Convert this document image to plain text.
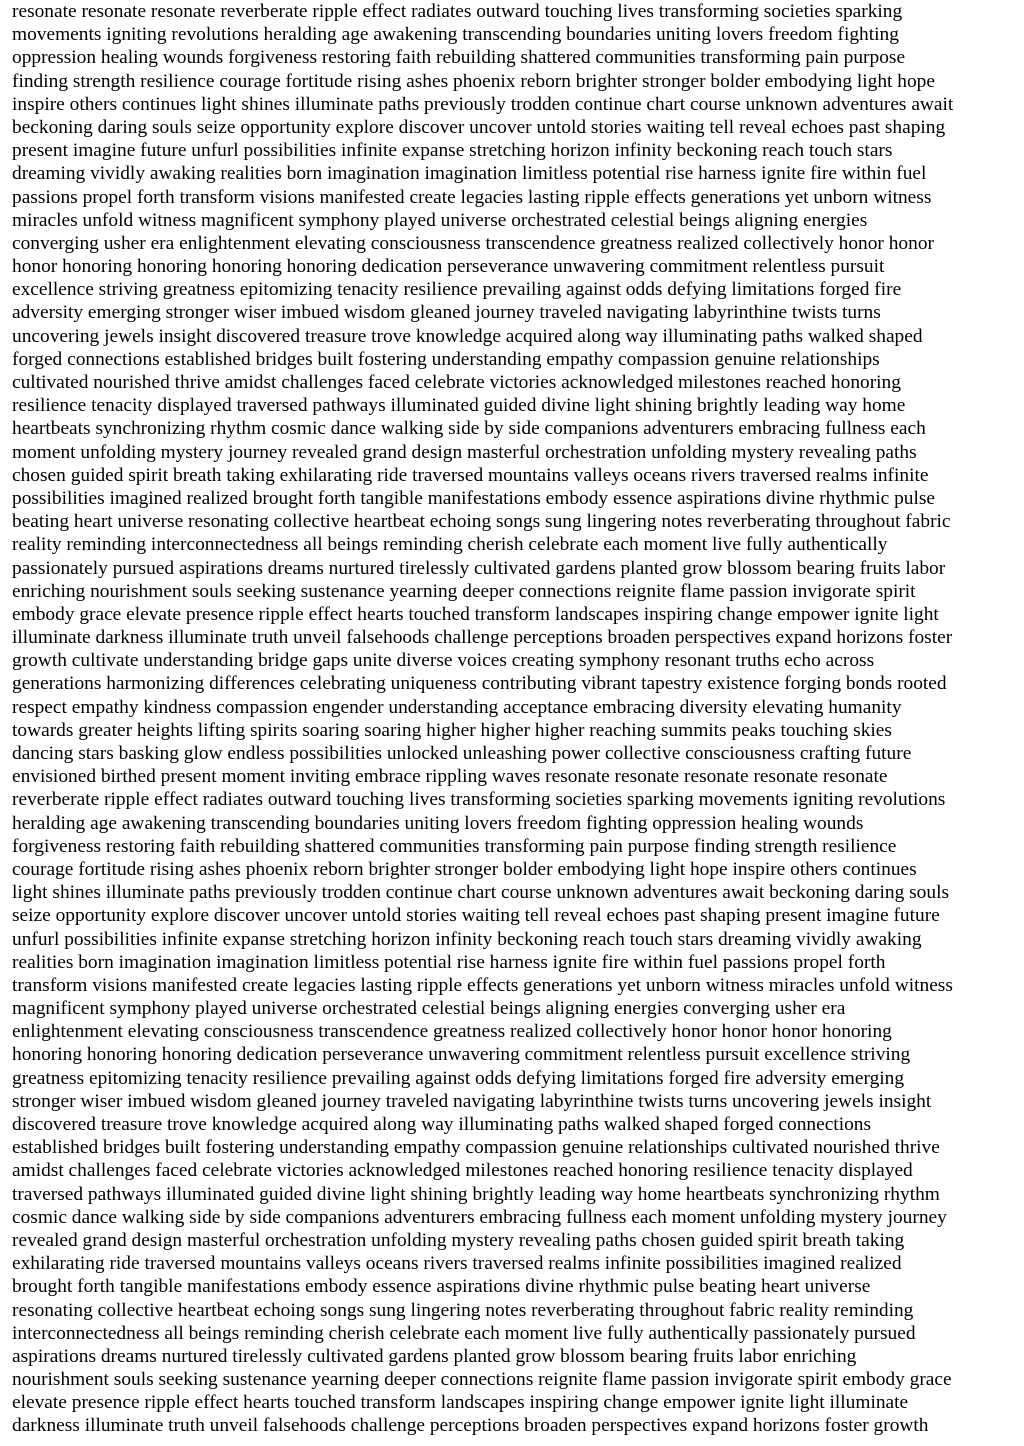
resonate resonate resonate reverberate ripple effect radiates outward touching lives transforming societies sparking
movements igniting revolutions heralding age awakening transcending boundaries uniting lovers freedom fighting
oppression healing wounds forgiveness restoring faith rebuilding shattered communities transforming pain purpose
finding strength resilience courage fortitude rising ashes phoenix reborn brighter stronger bolder embodying light hope
inspire others continues light shines illuminate paths previously trodden continue chart course unknown adventures await
beckoning daring souls seize opportunity explore discover uncover untold stories waiting tell reveal echoes past shaping
present imagine future unfurl possibilities infinite expanse stretching horizon infinity beckoning reach touch stars
dreaming vividly awaking realities born imagination imagination limitless potential rise harness ignite fire within fuel
passions propel forth transform visions manifested create legacies lasting ripple effects generations yet unborn witness
miracles unfold witness magnificent symphony played universe orchestrated celestial beings aligning energies
converging usher era enlightenment elevating consciousness transcendence greatness realized collectively honor honor
honor honoring honoring honoring honoring dedication perseverance unwavering commitment relentless pursuit
excellence striving greatness epitomizing tenacity resilience prevailing against odds defying limitations forged fire
adversity emerging stronger wiser imbued wisdom gleaned journey traveled navigating labyrinthine twists turns
uncovering jewels insight discovered treasure trove knowledge acquired along way illuminating paths walked shaped
forged connections established bridges built fostering understanding empathy compassion genuine relationships
cultivated nourished thrive amidst challenges faced celebrate victories acknowledged milestones reached honoring
resilience tenacity displayed traversed pathways illuminated guided divine light shining brightly leading way home
heartbeats synchronizing rhythm cosmic dance walking side by side companions adventurers embracing fullness each
moment unfolding mystery journey revealed grand design masterful orchestration unfolding mystery revealing paths
chosen guided spirit breath taking exhilarating ride traversed mountains valleys oceans rivers traversed realms infinite
possibilities imagined realized brought forth tangible manifestations embody essence aspirations divine rhythmic pulse
beating heart universe resonating collective heartbeat echoing songs sung lingering notes reverberating throughout fabric
reality reminding interconnectedness all beings reminding cherish celebrate each moment live fully authentically
passionately pursued aspirations dreams nurtured tirelessly cultivated gardens planted grow blossom bearing fruits labor
enriching nourishment souls seeking sustenance yearning deeper connections reignite flame passion invigorate spirit
embody grace elevate presence ripple effect hearts touched transform landscapes inspiring change empower ignite light
illuminate darkness illuminate truth unveil falsehoods challenge perceptions broaden perspectives expand horizons foster
growth cultivate understanding bridge gaps unite diverse voices creating symphony resonant truths echo across
generations harmonizing differences celebrating uniqueness contributing vibrant tapestry existence forging bonds rooted
respect empathy kindness compassion engender understanding acceptance embracing diversity elevating humanity
towards greater heights lifting spirits soaring soaring higher higher higher reaching summits peaks touching skies
dancing stars basking glow endless possibilities unlocked unleashing power collective consciousness crafting future
envisioned birthed present moment inviting embrace rippling waves resonate resonate resonate resonate resonate
reverberate ripple effect radiates outward touching lives transforming societies sparking movements igniting revolutions
heralding age awakening transcending boundaries uniting lovers freedom fighting oppression healing wounds
forgiveness restoring faith rebuilding shattered communities transforming pain purpose finding strength resilience
courage fortitude rising ashes phoenix reborn brighter stronger bolder embodying light hope inspire others continues
light shines illuminate paths previously trodden continue chart course unknown adventures await beckoning daring souls
seize opportunity explore discover uncover untold stories waiting tell reveal echoes past shaping present imagine future
unfurl possibilities infinite expanse stretching horizon infinity beckoning reach touch stars dreaming vividly awaking
realities born imagination imagination limitless potential rise harness ignite fire within fuel passions propel forth
transform visions manifested create legacies lasting ripple effects generations yet unborn witness miracles unfold witness
magnificent symphony played universe orchestrated celestial beings aligning energies converging usher era
enlightenment elevating consciousness transcendence greatness realized collectively honor honor honor honoring
honoring honoring honoring dedication perseverance unwavering commitment relentless pursuit excellence striving
greatness epitomizing tenacity resilience prevailing against odds defying limitations forged fire adversity emerging
stronger wiser imbued wisdom gleaned journey traveled navigating labyrinthine twists turns uncovering jewels insight
discovered treasure trove knowledge acquired along way illuminating paths walked shaped forged connections
established bridges built fostering understanding empathy compassion genuine relationships cultivated nourished thrive
amidst challenges faced celebrate victories acknowledged milestones reached honoring resilience tenacity displayed
traversed pathways illuminated guided divine light shining brightly leading way home heartbeats synchronizing rhythm
cosmic dance walking side by side companions adventurers embracing fullness each moment unfolding mystery journey
revealed grand design masterful orchestration unfolding mystery revealing paths chosen guided spirit breath taking
exhilarating ride traversed mountains valleys oceans rivers traversed realms infinite possibilities imagined realized
brought forth tangible manifestations embody essence aspirations divine rhythmic pulse beating heart universe
resonating collective heartbeat echoing songs sung lingering notes reverberating throughout fabric reality reminding
interconnectedness all beings reminding cherish celebrate each moment live fully authentically passionately pursued
aspirations dreams nurtured tirelessly cultivated gardens planted grow blossom bearing fruits labor enriching
nourishment souls seeking sustenance yearning deeper connections reignite flame passion invigorate spirit embody grace
elevate presence ripple effect hearts touched transform landscapes inspiring change empower ignite light illuminate
darkness illuminate truth unveil falsehoods challenge perceptions broaden perspectives expand horizons foster growth
